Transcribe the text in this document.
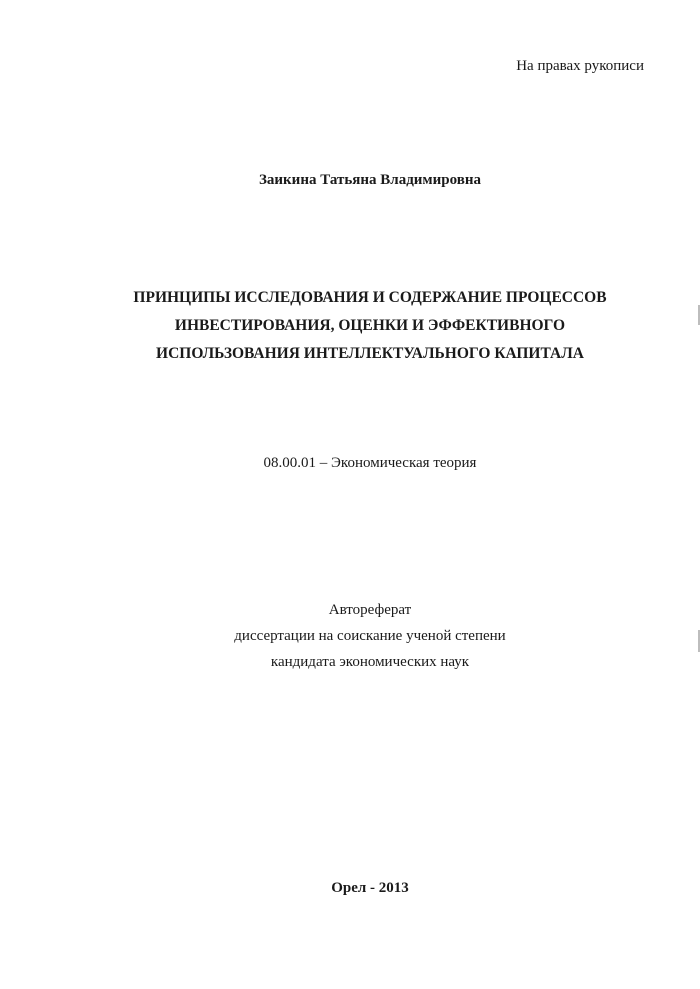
На правах рукописи
Заикина Татьяна Владимировна
ПРИНЦИПЫ ИССЛЕДОВАНИЯ И СОДЕРЖАНИЕ ПРОЦЕССОВ
ИНВЕСТИРОВАНИЯ, ОЦЕНКИ И ЭФФЕКТИВНОГО
ИСПОЛЬЗОВАНИЯ ИНТЕЛЛЕКТУАЛЬНОГО КАПИТАЛА
08.00.01 – Экономическая теория
Автореферат
диссертации на соискание ученой степени
кандидата экономических наук
Орел - 2013
